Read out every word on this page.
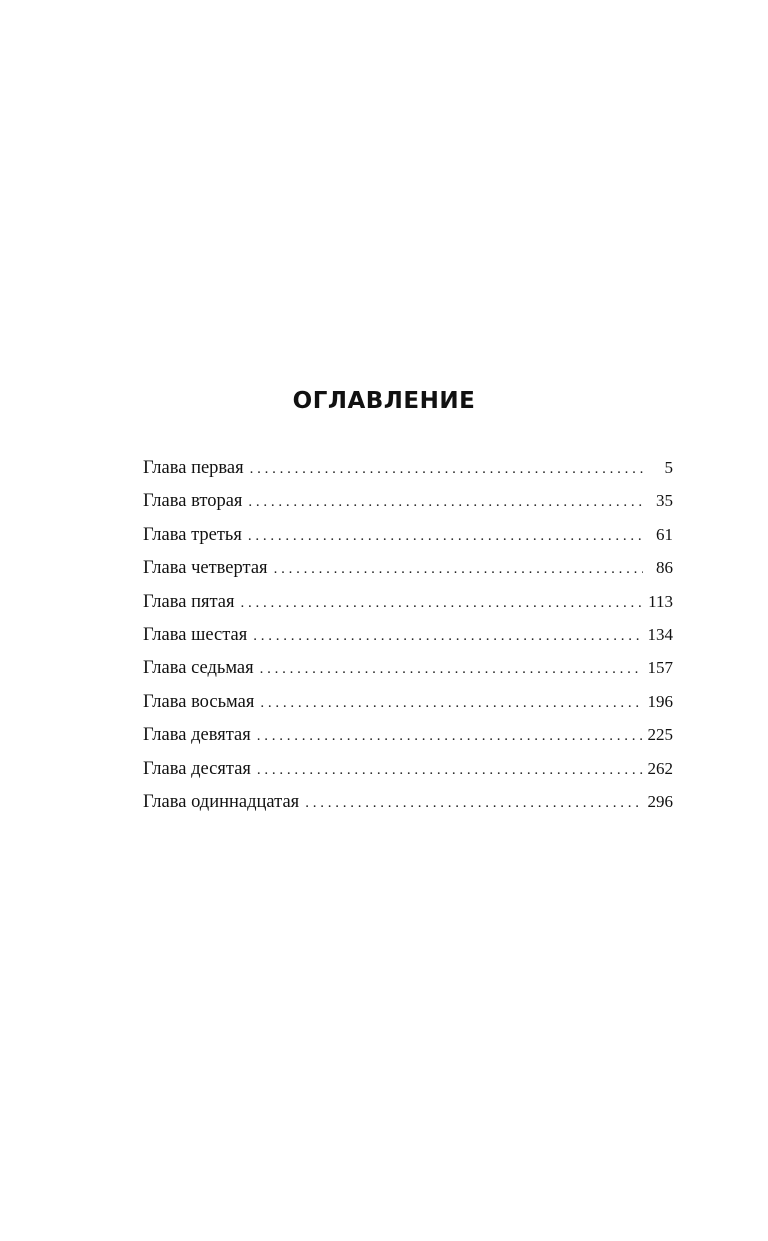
ОГЛАВЛЕНИЕ
Глава первая . . .	5
Глава вторая . . .	35
Глава третья . . .	61
Глава четвертая . . .	86
Глава пятая . . .	113
Глава шестая . . .	134
Глава седьмая . . .	157
Глава восьмая . . .	196
Глава девятая . . .	225
Глава десятая . . .	262
Глава одиннадцатая . . .	296
